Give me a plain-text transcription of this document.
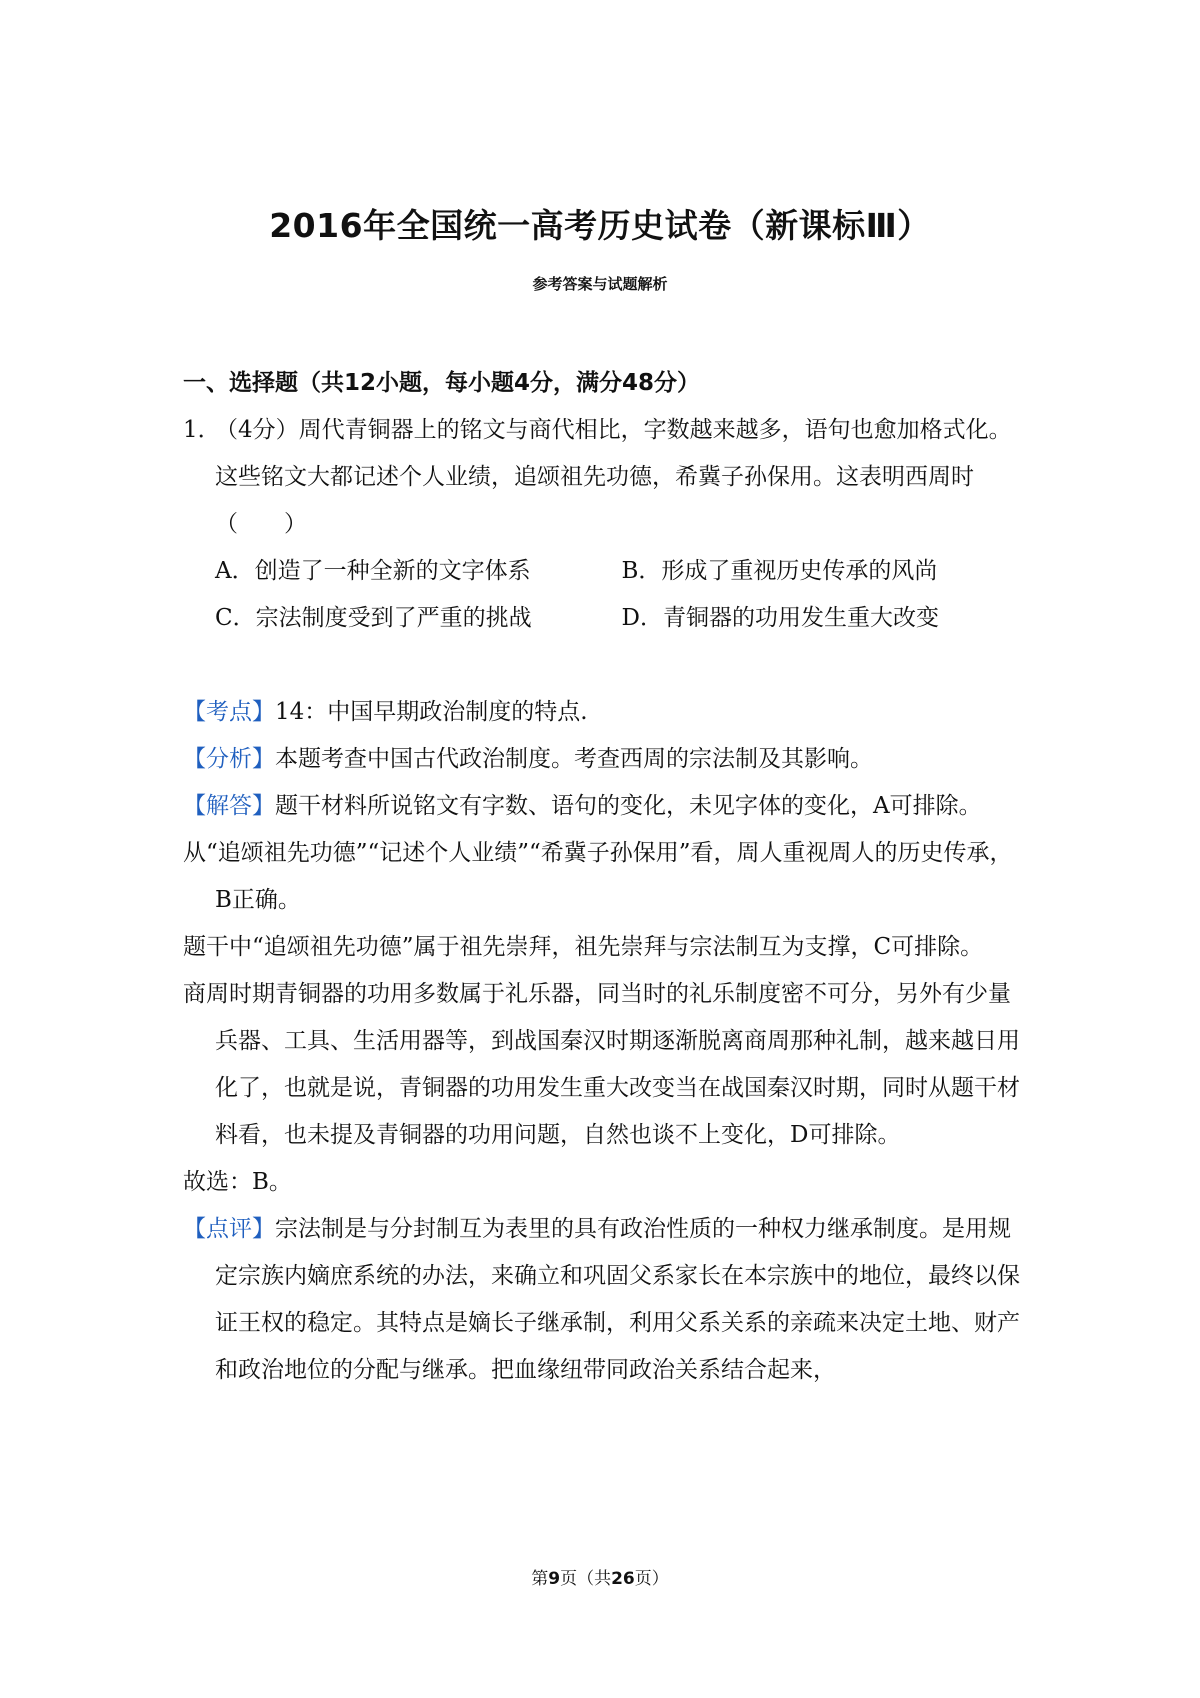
2016年全国统一高考历史试卷（新课标Ⅲ）
参考答案与试题解析

一、选择题（共12小题，每小题4分，满分48分）

1．（4分）周代青铜器上的铭文与商代相比，字数越来越多，语句也愈加格式化。这些铭文大都记述个人业绩，追颂祖先功德，希冀子孙保用。这表明西周时（　　）

A．创造了一种全新的文字体系	B．形成了重视历史传承的风尚
C．宗法制度受到了严重的挑战	D．青铜器的功用发生重大改变

【考点】14：中国早期政治制度的特点.

【分析】本题考查中国古代政治制度。考查西周的宗法制及其影响。

【解答】题干材料所说铭文有字数、语句的变化，未见字体的变化，A可排除。

从“追颂祖先功德”“记述个人业绩”“希冀子孙保用”看，周人重视周人的历史传承，B正确。

题干中“追颂祖先功德”属于祖先崇拜，祖先崇拜与宗法制互为支撑，C可排除。

商周时期青铜器的功用多数属于礼乐器，同当时的礼乐制度密不可分，另外有少量兵器、工具、生活用器等，到战国秦汉时期逐渐脱离商周那种礼制，越来越日用化了，也就是说，青铜器的功用发生重大改变当在战国秦汉时期，同时从题干材料看，也未提及青铜器的功用问题，自然也谈不上变化，D可排除。

故选：B。

【点评】宗法制是与分封制互为表里的具有政治性质的一种权力继承制度。是用规定宗族内嫡庶系统的办法，来确立和巩固父系家长在本宗族中的地位，最终以保证王权的稳定。其特点是嫡长子继承制，利用父系关系的亲疏来决定土地、财产和政治地位的分配与继承。把血缘纽带同政治关系结合起来，

第9页（共26页）
